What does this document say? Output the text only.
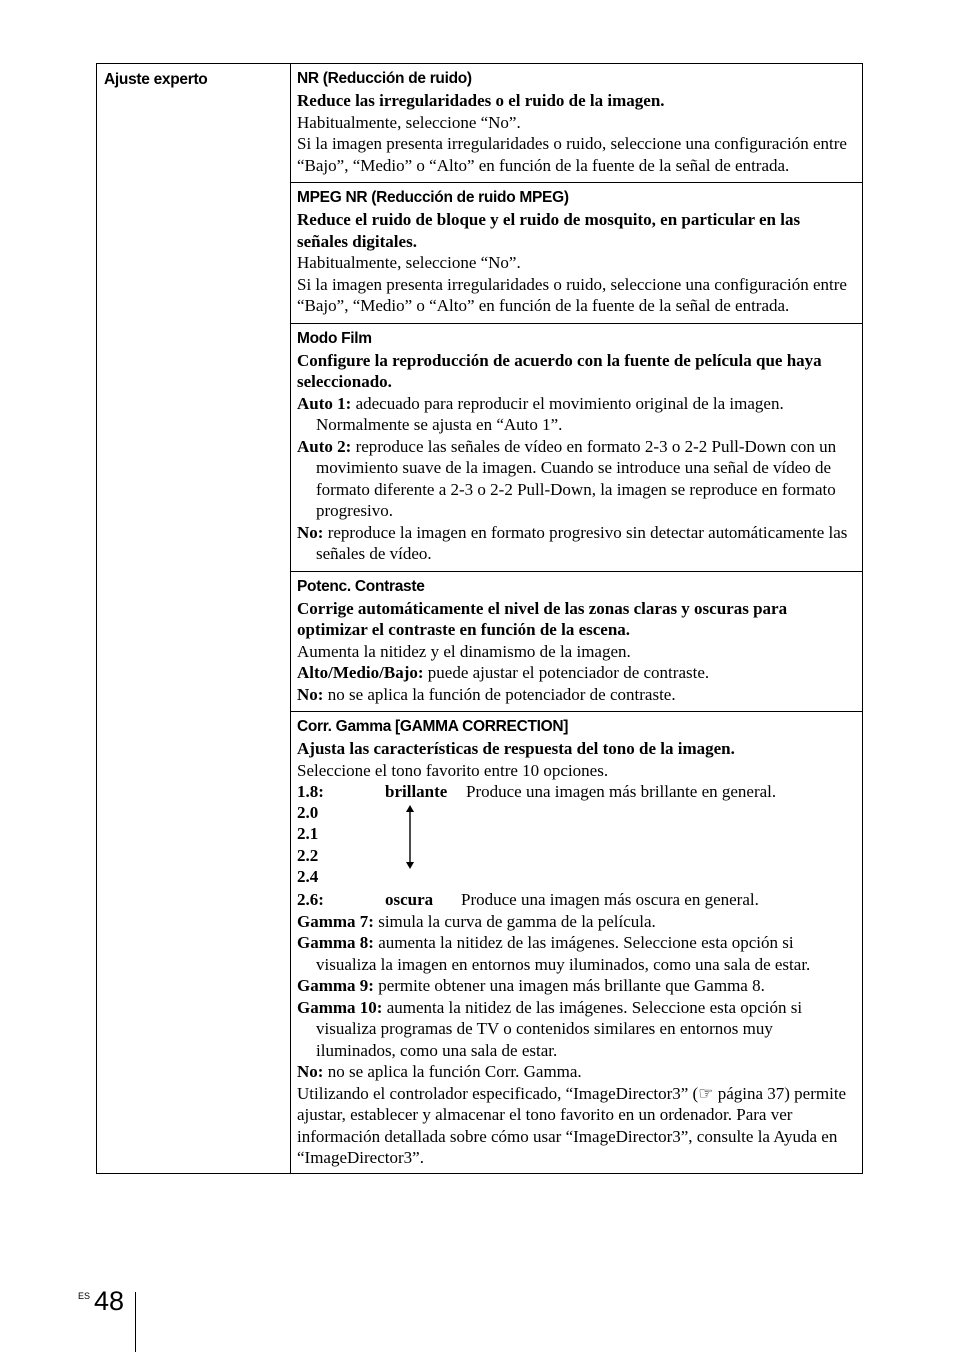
Ajuste experto	NR (Reducción de ruido)
Reduce las irregularidades o el ruido de la imagen.
Habitualmente, seleccione “No”.
Si la imagen presenta irregularidades o ruido, seleccione una configuración entre “Bajo”, “Medio” o “Alto” en función de la fuente de la señal de entrada.

MPEG NR (Reducción de ruido MPEG)
Reduce el ruido de bloque y el ruido de mosquito, en particular en las señales digitales.
Habitualmente, seleccione “No”.
Si la imagen presenta irregularidades o ruido, seleccione una configuración entre “Bajo”, “Medio” o “Alto” en función de la fuente de la señal de entrada.

Modo Film
Configure la reproducción de acuerdo con la fuente de película que haya seleccionado.
Auto 1: adecuado para reproducir el movimiento original de la imagen. Normalmente se ajusta en “Auto 1”.
Auto 2: reproduce las señales de vídeo en formato 2-3 o 2-2 Pull-Down con un movimiento suave de la imagen. Cuando se introduce una señal de vídeo de formato diferente a 2-3 o 2-2 Pull-Down, la imagen se reproduce en formato progresivo.
No: reproduce la imagen en formato progresivo sin detectar automáticamente las señales de vídeo.

Potenc. Contraste
Corrige automáticamente el nivel de las zonas claras y oscuras para optimizar el contraste en función de la escena.
Aumenta la nitidez y el dinamismo de la imagen.
Alto/Medio/Bajo: puede ajustar el potenciador de contraste.
No: no se aplica la función de potenciador de contraste.

Corr. Gamma [GAMMA CORRECTION]
Ajusta las características de respuesta del tono de la imagen.
Seleccione el tono favorito entre 10 opciones.
1.8:	brillante Produce una imagen más brillante en general.
2.0
2.1
2.2
2.4
2.6:	oscura Produce una imagen más oscura en general.
Gamma 7: simula la curva de gamma de la película.
Gamma 8: aumenta la nitidez de las imágenes. Seleccione esta opción si visualiza la imagen en entornos muy iluminados, como una sala de estar.
Gamma 9: permite obtener una imagen más brillante que Gamma 8.
Gamma 10: aumenta la nitidez de las imágenes. Seleccione esta opción si visualiza programas de TV o contenidos similares en entornos muy iluminados, como una sala de estar.
No: no se aplica la función Corr. Gamma.
Utilizando el controlador especificado, “ImageDirector3” (☞ página 37) permite ajustar, establecer y almacenar el tono favorito en un ordenador. Para ver información detallada sobre cómo usar “ImageDirector3”, consulte la Ayuda en “ImageDirector3”.
ES 48
